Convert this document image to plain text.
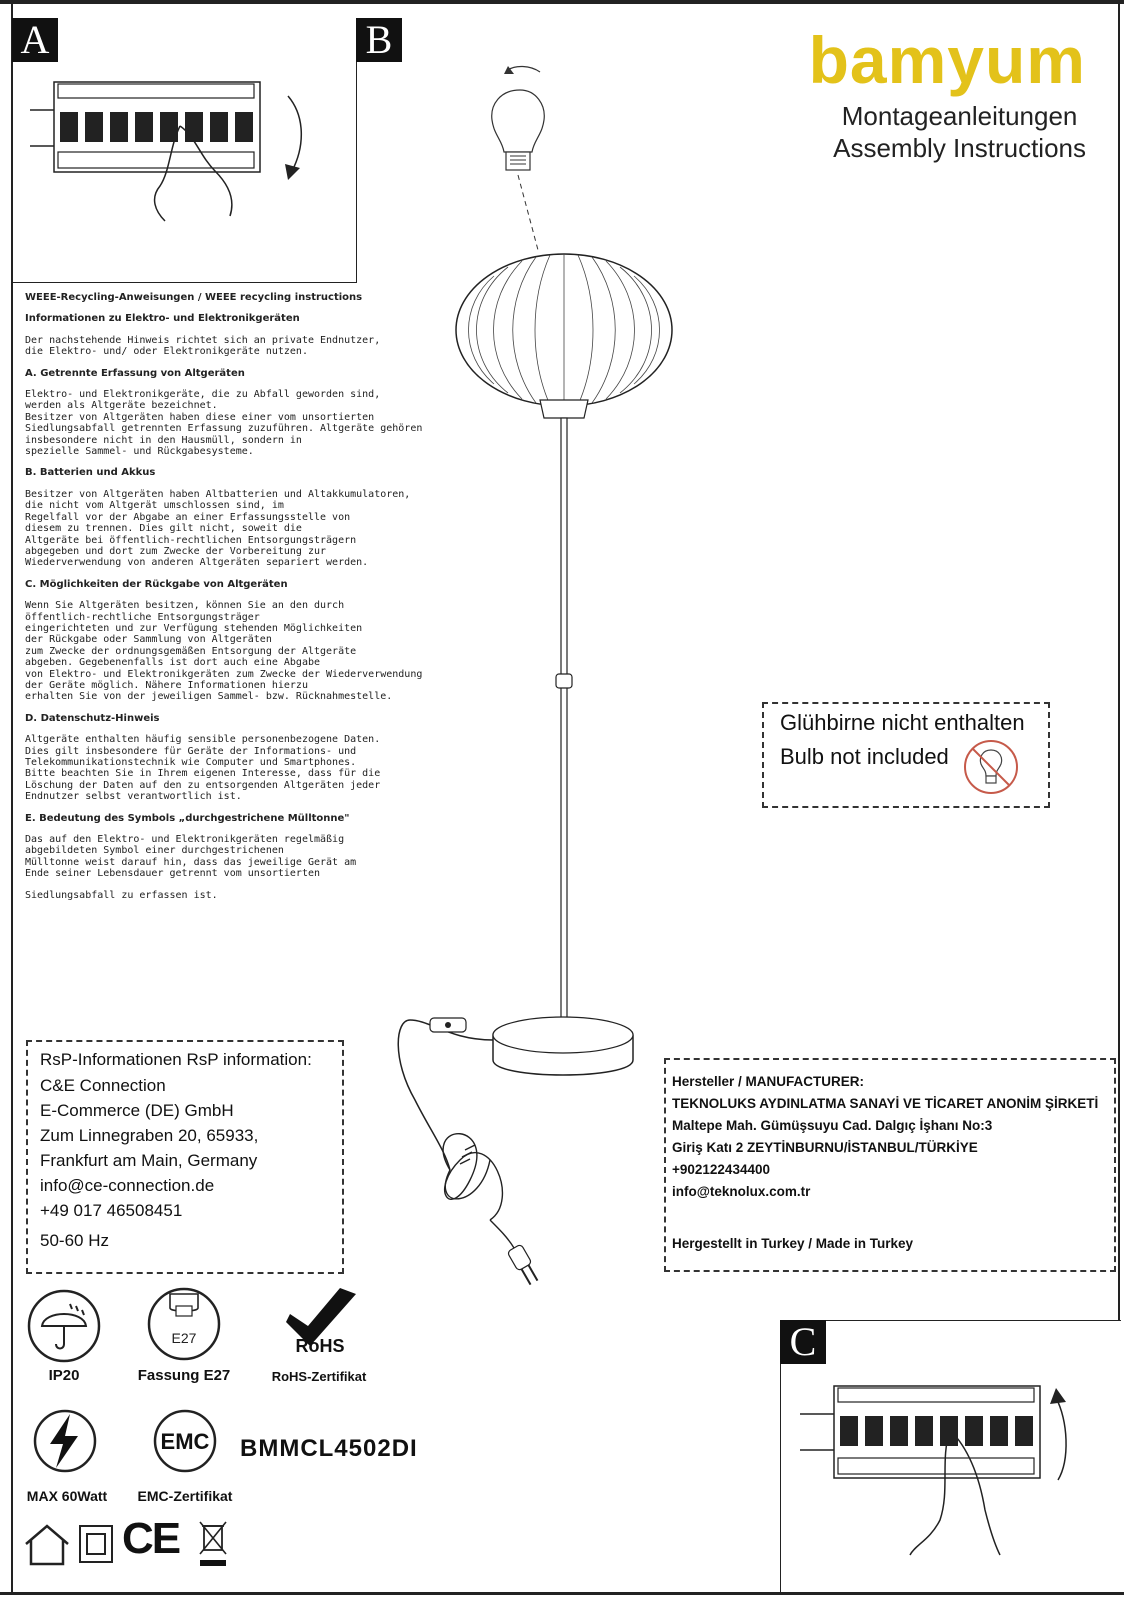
A	B	bamyum
Montageanleitungen
Assembly Instructions
WEEE-Recycling-Anweisungen / WEEE recycling instructions
Informationen zu Elektro- und Elektronikgeräten

Der nachstehende Hinweis richtet sich an private Endnutzer,
die Elektro- und/ oder Elektronikgeräte nutzen.

A. Getrennte Erfassung von Altgeräten

Elektro- und Elektronikgeräte, die zu Abfall geworden sind,
werden als Altgeräte bezeichnet.
Besitzer von Altgeräten haben diese einer vom unsortierten
Siedlungsabfall getrennten Erfassung zuzuführen. Altgeräte gehören
insbesondere nicht in den Hausmüll, sondern in
spezielle Sammel- und Rückgabesysteme.

B. Batterien und Akkus

Besitzer von Altgeräten haben Altbatterien und Altakkumulatoren,
die nicht vom Altgerät umschlossen sind, im
Regelfall vor der Abgabe an einer Erfassungsstelle von
diesem zu trennen. Dies gilt nicht, soweit die
Altgeräte bei öffentlich-rechtlichen Entsorgungsträgern
abgegeben und dort zum Zwecke der Vorbereitung zur
Wiederverwendung von anderen Altgeräten separiert werden.

C. Möglichkeiten der Rückgabe von Altgeräten

Wenn Sie Altgeräten besitzen, können Sie an den durch
öffentlich-rechtliche Entsorgungsträger
eingerichteten und zur Verfügung stehenden Möglichkeiten
der Rückgabe oder Sammlung von Altgeräten
zum Zwecke der ordnungsgemäßen Entsorgung der Altgeräte
abgeben. Gegebenenfalls ist dort auch eine Abgabe
von Elektro- und Elektronikgeräten zum Zwecke der Wiederverwendung
der Geräte möglich. Nähere Informationen hierzu
erhalten Sie von der jeweiligen Sammel- bzw. Rücknahmestelle.

D. Datenschutz-Hinweis

Altgeräte enthalten häufig sensible personenbezogene Daten.
Dies gilt insbesondere für Geräte der Informations- und
Telekommunikationstechnik wie Computer und Smartphones.
Bitte beachten Sie in Ihrem eigenen Interesse, dass für die
Löschung der Daten auf den zu entsorgenden Altgeräten jeder
Endnutzer selbst verantwortlich ist.

E. Bedeutung des Symbols „durchgestrichene Mülltonne"

Das auf den Elektro- und Elektronikgeräten regelmäßig
abgebildeten Symbol einer durchgestrichenen
Mülltonne weist darauf hin, dass das jeweilige Gerät am
Ende seiner Lebensdauer getrennt vom unsortierten

Siedlungsabfall zu erfassen ist.

Glühbirne nicht enthalten
Bulb not included
RsP-Informationen RsP information:
C&E Connection
E-Commerce (DE) GmbH
Zum Linnegraben 20, 65933,
Frankfurt am Main, Germany
info@ce-connection.de
+49 017 46508451
50-60 Hz
Hersteller / MANUFACTURER:
TEKNOLUKS AYDINLATMA SANAYİ VE TİCARET ANONİM ŞİRKETİ
Maltepe Mah. Gümüşsuyu Cad. Dalgıç İşhanı No:3
Giriş Katı 2 ZEYTİNBURNU/İSTANBUL/TÜRKİYE
+902122434400
info@teknolux.com.tr
Hergestellt in Turkey / Made in Turkey
C
IP20
E27
Fassung E27
RoHS
RoHS-Zertifikat
MAX 60Watt
EMC
EMC-Zertifikat
BMMCL4502DI
CE
